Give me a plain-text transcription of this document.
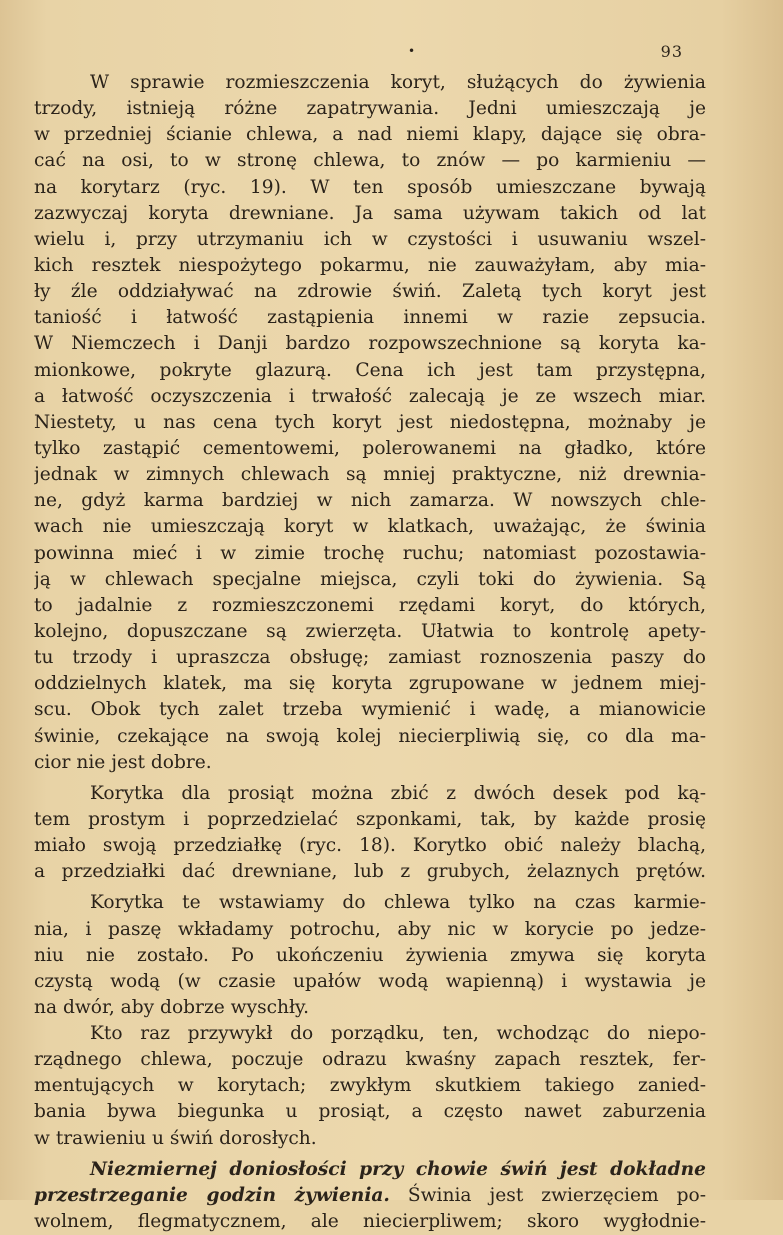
•	93
W sprawie rozmieszczenia koryt, służących do żywienia
trzody, istnieją różne zapatrywania. Jedni umieszczają je
w przedniej ścianie chlewa, a nad niemi klapy, dające się obra-
cać na osi, to w stronę chlewa, to znów — po karmieniu —
na korytarz (ryc. 19). W ten sposób umieszczane bywają
zazwyczaj koryta drewniane. Ja sama używam takich od lat
wielu i, przy utrzymaniu ich w czystości i usuwaniu wszel-
kich resztek niespożytego pokarmu, nie zauważyłam, aby miа-
ły źle oddziaływać na zdrowie świń. Zaletą tych koryt jest
taniość i łatwość zastąpienia innemi w razie zepsucia.
W Niemczech i Danji bardzo rozpowszechnione są koryta ka-
mionkowe, pokryte glazurą. Cena ich jest tam przystępna,
a łatwość oczyszczenia i trwałość zalecają je ze wszech miar.
Niestety, u nas cena tych koryt jest niedostępna, możnaby je
tylko zastąpić cementowemi, polerowanemi na gładko, które
jednak w zimnych chlewach są mniej praktyczne, niż drewnia-
ne, gdyż karma bardziej w nich zamarza. W nowszych chle-
wach nie umieszczają koryt w klatkach, uważając, że świnia
powinna mieć i w zimie trochę ruchu; natomiast pozostawia-
ją w chlewach specjalne miejsca, czyli toki do żywienia. Są
to jadalnie z rozmieszczonemi rzędami koryt, do których,
kolejno, dopuszczane są zwierzęta. Ułatwia to kontrolę apety-
tu trzody i upraszcza obsługę; zamiast roznoszenia paszy do
oddzielnych klatek, ma się koryta zgrupowane w jednem miej-
scu. Obok tych zalet trzeba wymienić i wadę, a mianowicie
świnie, czekające na swoją kolej niecierpliwią się, co dla ma-
cior nie jest dobre.
Korytka dla prosiąt można zbić z dwóch desek pod ką-
tem prostym i poprzedzielać szponkami, tak, by każde prosię
miało swoją przedziałkę (ryc. 18). Korytko obić należy blachą,
a przedziałki dać drewniane, lub z grubych, żelaznych prętów.
Korytka te wstawiamy do chlewa tylko na czas karmie-
nia, i paszę wkładamy potrochu, aby nic w korycie po jedze-
niu nie zostało. Po ukończeniu żywienia zmywa się koryta
czystą wodą (w czasie upałów wodą wapienną) i wystawia je
na dwór, aby dobrze wyschły.
Kto raz przywykł do porządku, ten, wchodząc do niepo-
rządnego chlewa, poczuje odrazu kwaśny zapach resztek, fer-
mentujących w korytach; zwykłym skutkiem takiego zanied-
bania bywa biegunka u prosiąt, a często nawet zaburzenia
w trawieniu u świń dorosłych.
Niezmiernej doniosłości przy chowie świń jest dokładne
przestrzeganie godzin żywienia. Świnia jest zwierzęciem po-
wolnem, flegmatycznem, ale niecierpliwem; skoro wygłodnie-
